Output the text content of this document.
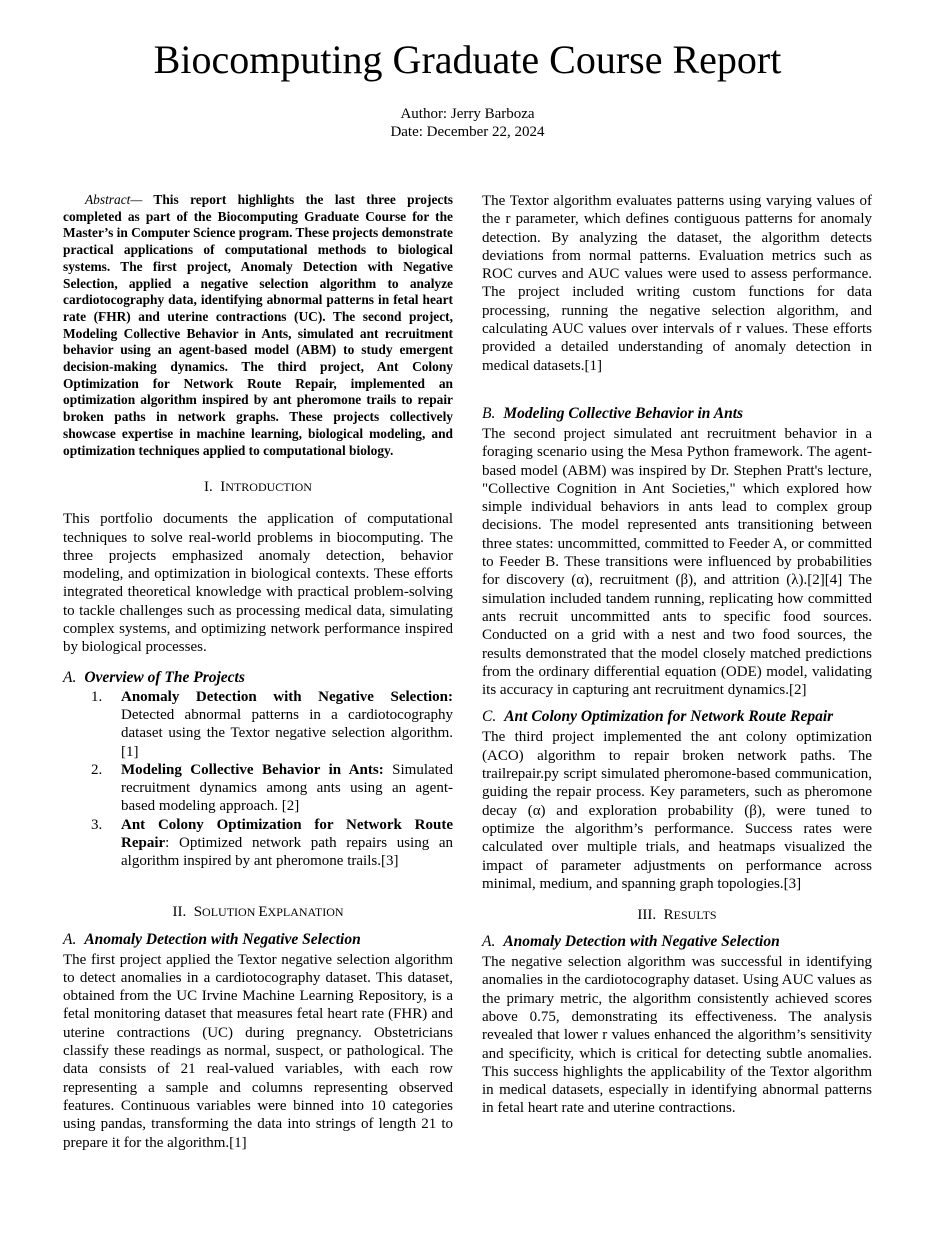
Biocomputing Graduate Course Report
Author: Jerry Barboza
Date: December 22, 2024

Abstract— This report highlights the last three projects completed as part of the Biocomputing Graduate Course for the Master’s in Computer Science program. These projects demonstrate practical applications of computational methods to biological systems. The first project, Anomaly Detection with Negative Selection, applied a negative selection algorithm to analyze cardiotocography data, identifying abnormal patterns in fetal heart rate (FHR) and uterine contractions (UC). The second project, Modeling Collective Behavior in Ants, simulated ant recruitment behavior using an agent-based model (ABM) to study emergent decision-making dynamics. The third project, Ant Colony Optimization for Network Route Repair, implemented an optimization algorithm inspired by ant pheromone trails to repair broken paths in network graphs. These projects collectively showcase expertise in machine learning, biological modeling, and optimization techniques applied to computational biology.

I. INTRODUCTION

This portfolio documents the application of computational techniques to solve real-world problems in biocomputing. The three projects emphasized anomaly detection, behavior modeling, and optimization in biological contexts. These efforts integrated theoretical knowledge with practical problem-solving to tackle challenges such as processing medical data, simulating complex systems, and optimizing network performance inspired by biological processes.

A. Overview of The Projects
1. Anomaly Detection with Negative Selection: Detected abnormal patterns in a cardiotocography dataset using the Textor negative selection algorithm. [1]
2. Modeling Collective Behavior in Ants: Simulated recruitment dynamics among ants using an agent-based modeling approach. [2]
3. Ant Colony Optimization for Network Route Repair: Optimized network path repairs using an algorithm inspired by ant pheromone trails.[3]
II. SOLUTION EXPLANATION
A. Anomaly Detection with Negative Selection

The first project applied the Textor negative selection algorithm to detect anomalies in a cardiotocography dataset. This dataset, obtained from the UC Irvine Machine Learning Repository, is a fetal monitoring dataset that measures fetal heart rate (FHR) and uterine contractions (UC) during pregnancy. Obstetricians classify these readings as normal, suspect, or pathological. The data consists of 21 real-valued variables, with each row representing a sample and columns representing observed features. Continuous variables were binned into 10 categories using pandas, transforming the data into strings of length 21 to prepare it for the algorithm.[1]

The Textor algorithm evaluates patterns using varying values of the r parameter, which defines contiguous patterns for anomaly detection. By analyzing the dataset, the algorithm detects deviations from normal patterns. Evaluation metrics such as ROC curves and AUC values were used to assess performance. The project included writing custom functions for data processing, running the negative selection algorithm, and calculating AUC values over intervals of r values. These efforts provided a detailed understanding of anomaly detection in medical datasets.[1]

B. Modeling Collective Behavior in Ants

The second project simulated ant recruitment behavior in a foraging scenario using the Mesa Python framework. The agent-based model (ABM) was inspired by Dr. Stephen Pratt's lecture, "Collective Cognition in Ant Societies," which explored how simple individual behaviors in ants lead to complex group decisions. The model represented ants transitioning between three states: uncommitted, committed to Feeder A, or committed to Feeder B. These transitions were influenced by probabilities for discovery (α), recruitment (β), and attrition (λ).[2][4] The simulation included tandem running, replicating how committed ants recruit uncommitted ants to specific food sources. Conducted on a grid with a nest and two food sources, the results demonstrated that the model closely matched predictions from the ordinary differential equation (ODE) model, validating its accuracy in capturing ant recruitment dynamics.[2]

C. Ant Colony Optimization for Network Route Repair

The third project implemented the ant colony optimization (ACO) algorithm to repair broken network paths. The trailrepair.py script simulated pheromone-based communication, guiding the repair process. Key parameters, such as pheromone decay (α) and exploration probability (β), were tuned to optimize the algorithm’s performance. Success rates were calculated over multiple trials, and heatmaps visualized the impact of parameter adjustments on performance across minimal, medium, and spanning graph topologies.[3]

III. RESULTS
A. Anomaly Detection with Negative Selection

The negative selection algorithm was successful in identifying anomalies in the cardiotocography dataset. Using AUC values as the primary metric, the algorithm consistently achieved scores above 0.75, demonstrating its effectiveness. The analysis revealed that lower r values enhanced the algorithm’s sensitivity and specificity, which is critical for detecting subtle anomalies. This success highlights the applicability of the Textor algorithm in medical datasets, especially in identifying abnormal patterns in fetal heart rate and uterine contractions.
